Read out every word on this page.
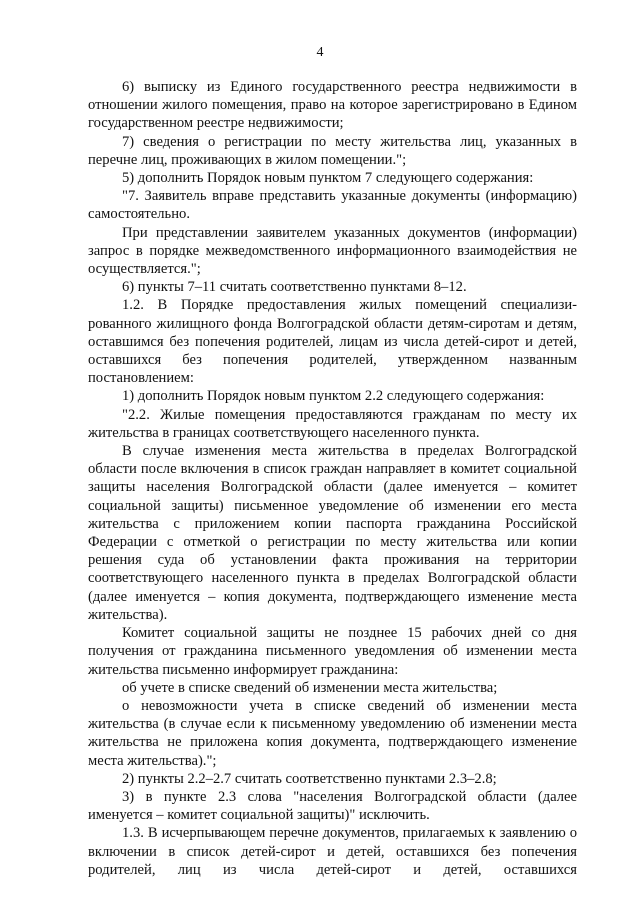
4

6) выписку из Единого государственного реестра недвижимости в отношении жилого помещения, право на которое зарегистрировано в Едином государственном реестре недвижимости;

7) сведения о регистрации по месту жительства лиц, указанных в перечне лиц, проживающих в жилом помещении.";

5) дополнить Порядок новым пунктом 7 следующего содержания:

"7. Заявитель вправе представить указанные документы (информацию) самостоятельно.

При представлении заявителем указанных документов (информации) запрос в порядке межведомственного информационного взаимодействия не осуществляется.";

6) пункты 7–11 считать соответственно пунктами 8–12.

1.2. В Порядке предоставления жилых помещений специализи-рованного жилищного фонда Волгоградской области детям-сиротам и детям, оставшимся без попечения родителей, лицам из числа детей-сирот и детей, оставшихся без попечения родителей, утвержденном названным постановлением:

1) дополнить Порядок новым пунктом 2.2 следующего содержания:

"2.2. Жилые помещения предоставляются гражданам по месту их жительства в границах соответствующего населенного пункта.

В случае изменения места жительства в пределах Волгоградской области после включения в список граждан направляет в комитет социальной защиты населения Волгоградской области (далее именуется – комитет социальной защиты) письменное уведомление об изменении его места жительства с приложением копии паспорта гражданина Российской Федерации с отметкой о регистрации по месту жительства или копии решения суда об установлении факта проживания на территории соответствующего населенного пункта в пределах Волгоградской области (далее именуется – копия документа, подтверждающего изменение места жительства).

Комитет социальной защиты не позднее 15 рабочих дней со дня получения от гражданина письменного уведомления об изменении места жительства письменно информирует гражданина:

об учете в списке сведений об изменении места жительства;

о невозможности учета в списке сведений об изменении места жительства (в случае если к письменному уведомлению об изменении места жительства не приложена копия документа, подтверждающего изменение места жительства).";

2) пункты 2.2–2.7 считать соответственно пунктами 2.3–2.8;

3) в пункте 2.3 слова "населения Волгоградской области (далее именуется – комитет социальной защиты)" исключить.

1.3. В исчерпывающем перечне документов, прилагаемых к заявлению о включении в список детей-сирот и детей, оставшихся без попечения родителей, лиц из числа детей-сирот и детей, оставшихся
